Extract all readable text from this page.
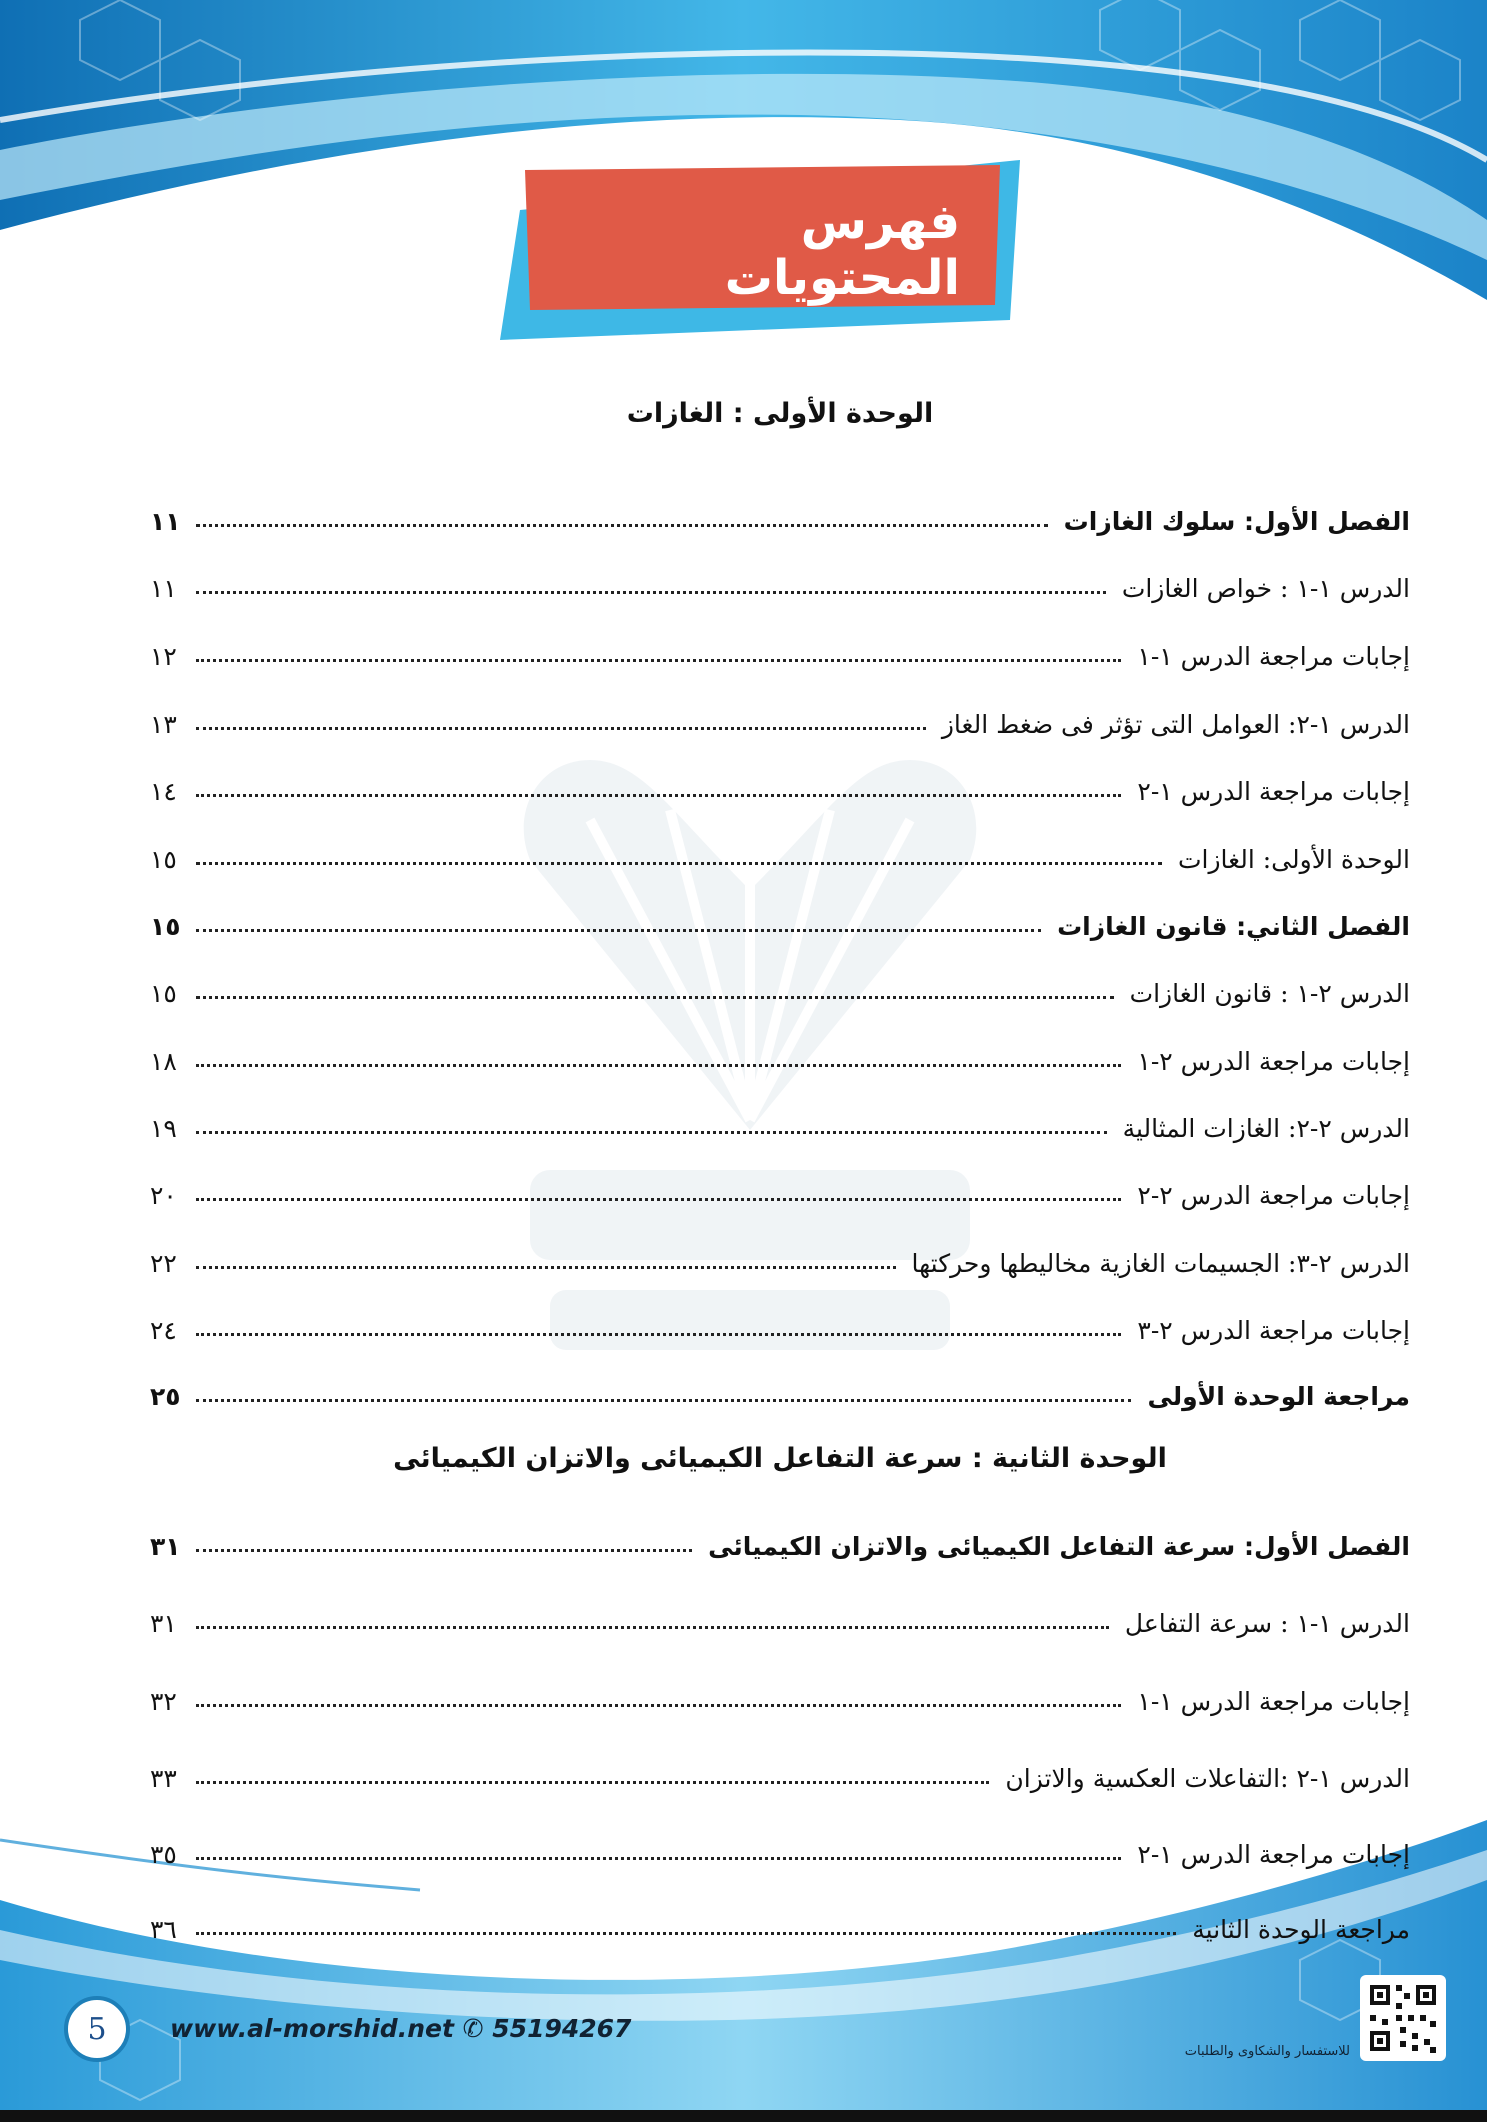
فهرس المحتويات
الوحدة الأولى : الغازات
الفصل الأول: سلوك الغازات
١١
الدرس ١-١ : خواص الغازات
١١
إجابات مراجعة الدرس ١-١
١٢
الدرس ١-٢: العوامل التى تؤثر فى ضغط الغاز
١٣
إجابات مراجعة الدرس ١-٢
١٤
الوحدة الأولى: الغازات
١٥
الفصل الثاني: قانون الغازات
١٥
الدرس ٢-١ : قانون الغازات
١٥
إجابات مراجعة الدرس ٢-١
١٨
الدرس ٢-٢: الغازات المثالية
١٩
إجابات مراجعة الدرس ٢-٢
٢٠
الدرس ٢-٣: الجسيمات الغازية مخاليطها وحركتها
٢٢
إجابات مراجعة الدرس ٢-٣
٢٤
مراجعة الوحدة الأولى
٢٥
الوحدة الثانية : سرعة التفاعل الكيميائى والاتزان الكيميائى
الفصل الأول: سرعة التفاعل الكيميائى والاتزان الكيميائى
٣١
الدرس ١-١ : سرعة التفاعل
٣١
إجابات مراجعة الدرس ١-١
٣٢
الدرس ١-٢ :التفاعلات العكسية والاتزان
٣٣
إجابات مراجعة الدرس ١-٢
٣٥
مراجعة الوحدة الثانية
٣٦
5	www.al-morshid.net ✆ 55194267
للاستفسار والشكاوى والطلبات
